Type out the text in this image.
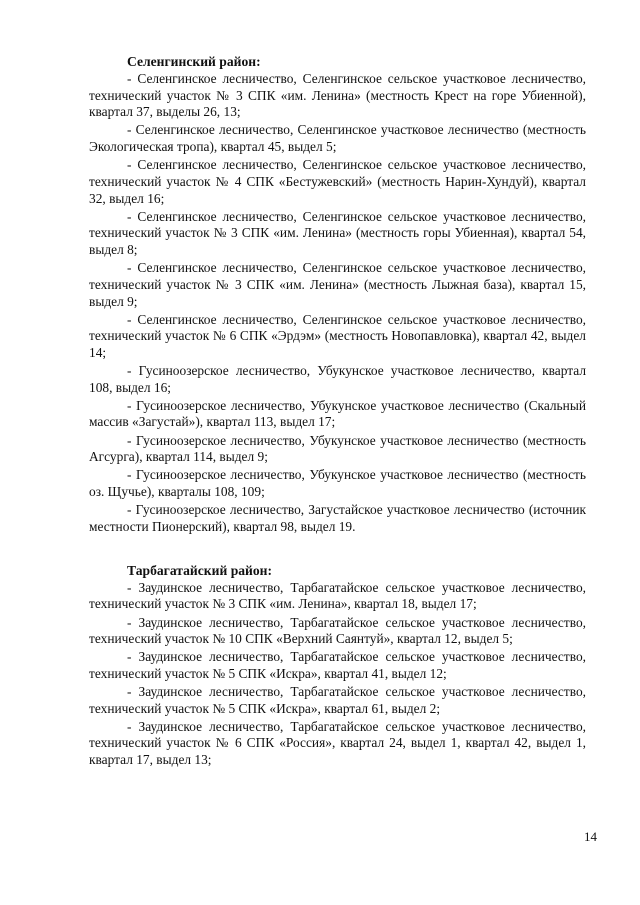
Селенгинский район:
- Селенгинское лесничество, Селенгинское сельское участковое лесничество, технический участок № 3 СПК «им. Ленина» (местность Крест на горе Убиенной), квартал 37, выделы 26, 13;
- Селенгинское лесничество, Селенгинское участковое лесничество (местность Экологическая тропа), квартал 45, выдел 5;
- Селенгинское лесничество, Селенгинское сельское участковое лесничество, технический участок № 4 СПК «Бестужевский» (местность Нарин-Хундуй), квартал 32, выдел 16;
- Селенгинское лесничество, Селенгинское сельское участковое лесничество, технический участок № 3 СПК «им. Ленина» (местность горы Убиенная), квартал 54, выдел 8;
- Селенгинское лесничество, Селенгинское сельское участковое лесничество, технический участок № 3 СПК «им. Ленина» (местность Лыжная база), квартал 15, выдел 9;
- Селенгинское лесничество, Селенгинское сельское участковое лесничество, технический участок № 6 СПК «Эрдэм» (местность Новопавловка), квартал 42, выдел 14;
- Гусиноозерское лесничество, Убукунское участковое лесничество, квартал 108, выдел 16;
- Гусиноозерское лесничество, Убукунское участковое лесничество (Скальный массив «Загустай»), квартал 113, выдел 17;
- Гусиноозерское лесничество, Убукунское участковое лесничество (местность Агсурга), квартал 114, выдел 9;
- Гусиноозерское лесничество, Убукунское участковое лесничество (местность оз. Щучье), кварталы 108, 109;
- Гусиноозерское лесничество, Загустайское участковое лесничество (источник местности Пионерский), квартал 98, выдел 19.
Тарбагатайский район:
- Заудинское лесничество, Тарбагатайское сельское участковое лесничество, технический участок № 3 СПК «им. Ленина», квартал 18, выдел 17;
- Заудинское лесничество, Тарбагатайское сельское участковое лесничество, технический участок № 10 СПК «Верхний Саянтуй», квартал 12, выдел 5;
- Заудинское лесничество, Тарбагатайское сельское участковое лесничество, технический участок № 5 СПК «Искра», квартал 41, выдел 12;
- Заудинское лесничество, Тарбагатайское сельское участковое лесничество, технический участок № 5 СПК «Искра», квартал 61, выдел 2;
- Заудинское лесничество, Тарбагатайское сельское участковое лесничество, технический участок № 6 СПК «Россия», квартал 24, выдел 1, квартал 42, выдел 1, квартал 17, выдел 13;
14
